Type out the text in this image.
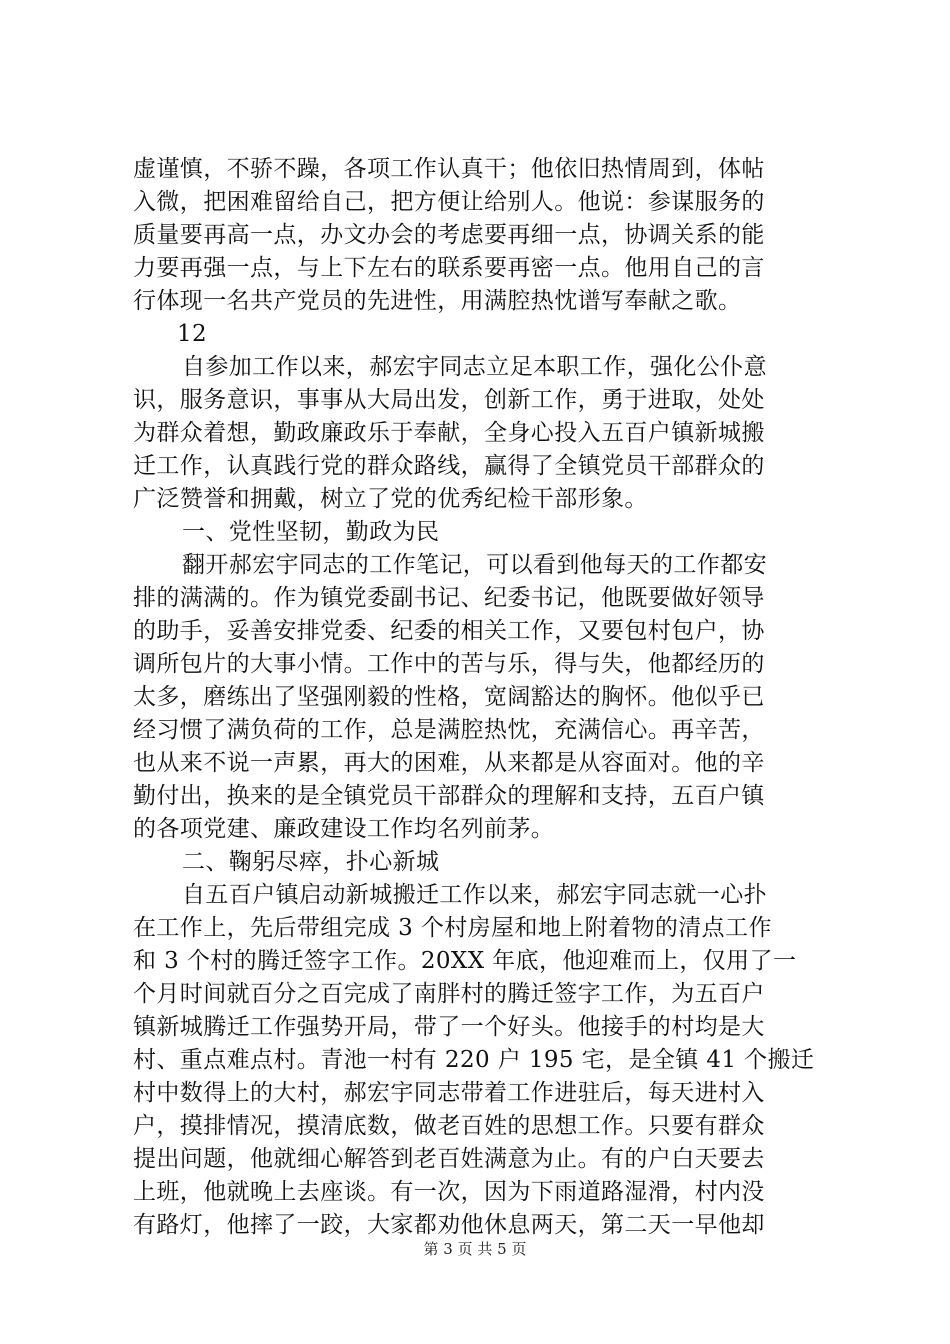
虚谨慎，不骄不躁，各项工作认真干；他依旧热情周到，体帖
入微，把困难留给自己，把方便让给别人。他说：参谋服务的
质量要再高一点，办文办会的考虑要再细一点，协调关系的能
力要再强一点，与上下左右的联系要再密一点。他用自己的言
行体现一名共产党员的先进性，用满腔热忱谱写奉献之歌。
12
自参加工作以来，郝宏宇同志立足本职工作，强化公仆意
识，服务意识，事事从大局出发，创新工作，勇于进取，处处
为群众着想，勤政廉政乐于奉献，全身心投入五百户镇新城搬
迁工作，认真践行党的群众路线，赢得了全镇党员干部群众的
广泛赞誉和拥戴，树立了党的优秀纪检干部形象。
一、党性坚韧，勤政为民
翻开郝宏宇同志的工作笔记，可以看到他每天的工作都安
排的满满的。作为镇党委副书记、纪委书记，他既要做好领导
的助手，妥善安排党委、纪委的相关工作，又要包村包户，协
调所包片的大事小情。工作中的苦与乐，得与失，他都经历的
太多，磨练出了坚强刚毅的性格，宽阔豁达的胸怀。他似乎已
经习惯了满负荷的工作，总是满腔热忱，充满信心。再辛苦，
也从来不说一声累，再大的困难，从来都是从容面对。他的辛
勤付出，换来的是全镇党员干部群众的理解和支持，五百户镇
的各项党建、廉政建设工作均名列前茅。
二、鞠躬尽瘁，扑心新城
自五百户镇启动新城搬迁工作以来，郝宏宇同志就一心扑
在工作上，先后带组完成 3 个村房屋和地上附着物的清点工作
和 3 个村的腾迁签字工作。20XX 年底，他迎难而上，仅用了一
个月时间就百分之百完成了南胖村的腾迁签字工作，为五百户
镇新城腾迁工作强势开局，带了一个好头。他接手的村均是大
村、重点难点村。青池一村有 220 户 195 宅，是全镇 41 个搬迁
村中数得上的大村，郝宏宇同志带着工作进驻后，每天进村入
户，摸排情况，摸清底数，做老百姓的思想工作。只要有群众
提出问题，他就细心解答到老百姓满意为止。有的户白天要去
上班，他就晚上去座谈。有一次，因为下雨道路湿滑，村内没
有路灯，他摔了一跤，大家都劝他休息两天，第二天一早他却
第 3 页 共 5 页
